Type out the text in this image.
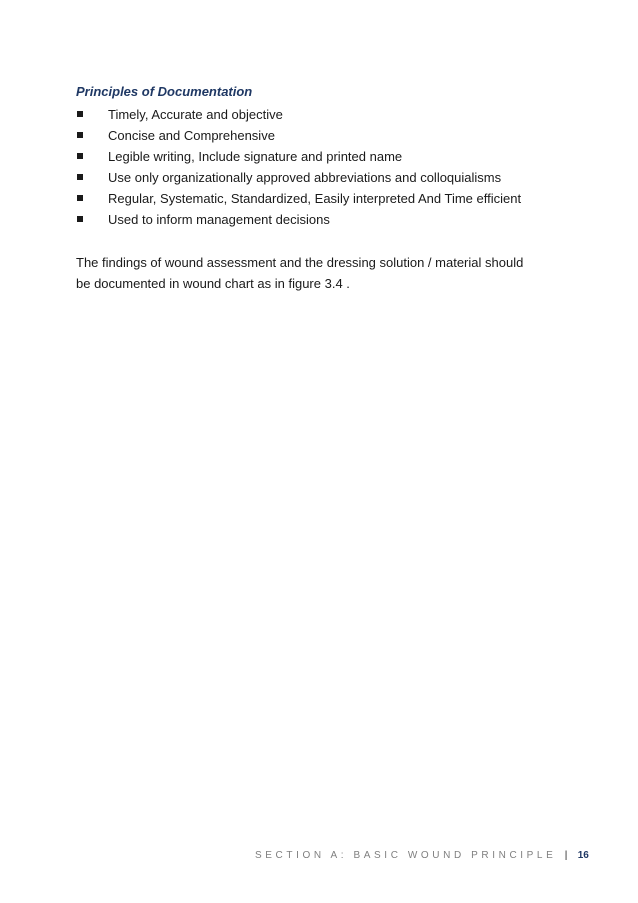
Principles of Documentation
Timely, Accurate and objective
Concise and Comprehensive
Legible writing, Include signature and printed name
Use only organizationally approved abbreviations and colloquialisms
Regular, Systematic, Standardized, Easily interpreted And Time efficient
Used to inform management decisions

The findings of wound assessment and the dressing solution / material should
be documented in wound chart as in figure 3.4 .

SECTION A: BASIC WOUND PRINCIPLE | 16
